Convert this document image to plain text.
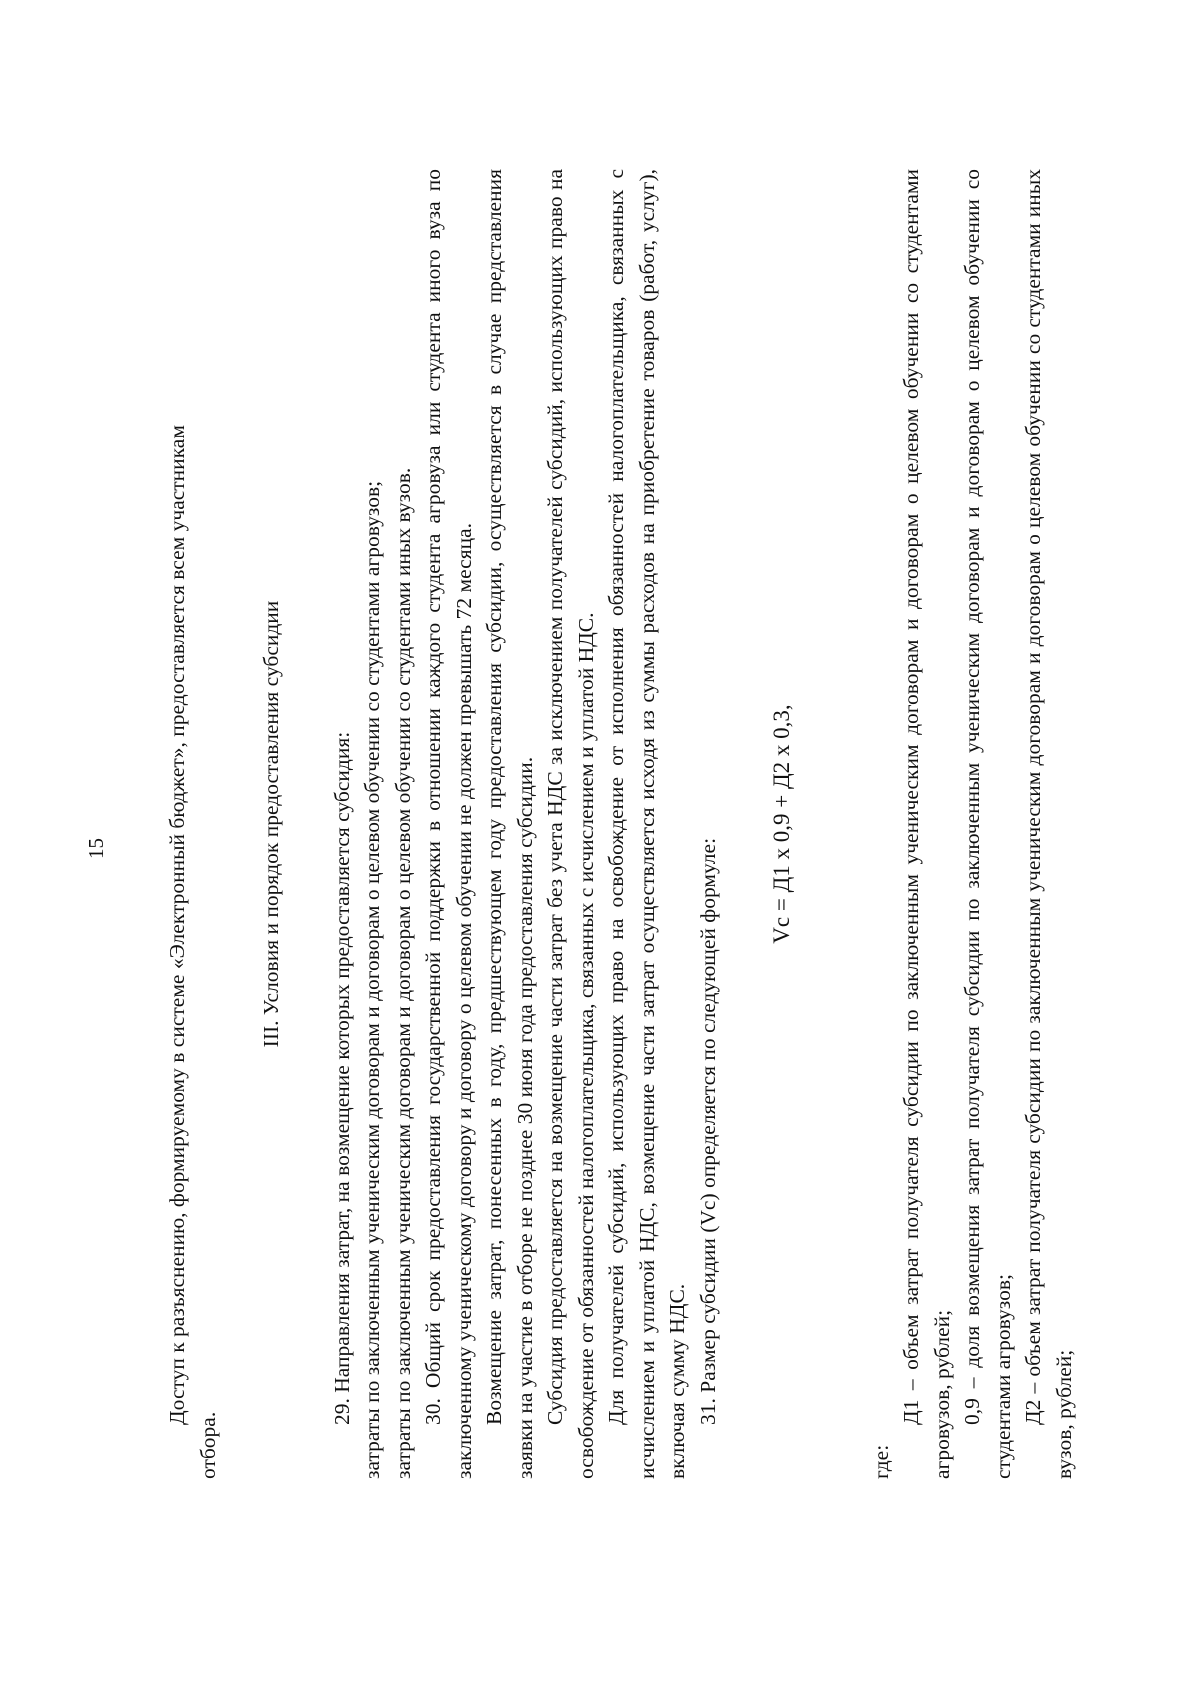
15	Доступ к разъяснению, формируемому в системе «Электронный бюджет», предоставляется всем участникам
отбора.

III. Условия и порядок предоставления субсидии 29. Направления затрат, на возмещение которых предоставляется субсидия: затраты по заключенным ученическим договорам и договорам о целевом обучении со студентами агровузов; затраты по заключенным ученическим договорам и договорам о целевом обучении со студентами иных вузов. 30. Общий срок предоставления государственной поддержки в отношении каждого студента агровуза или студента иного вуза по заключенному ученическому договору и договору о целевом обучении не должен превышать 72 месяца. Возмещение затрат, понесенных в году, предшествующем году предоставления субсидии, осуществляется в случае представления заявки на участие в отборе не позднее 30 июня года предоставления субсидии. Субсидия предоставляется на возмещение части затрат без учета НДС за исключением получателей субсидий, использующих право на освобождение от обязанностей налогоплательщика, связанных с исчислением и уплатой НДС. Для получателей субсидий, использующих право на освобождение от исполнения обязанностей налогоплательщика, связанных с исчислением и уплатой НДС, возмещение части затрат осуществляется исходя из суммы расходов на приобретение товаров (работ, услуг), включая сумму НДС. 31. Размер субсидии (Vс) определяется по следующей формуле:

Vс = Д1 х 0,9 + Д2 х 0,3,

где:

Д1 – объем затрат получателя субсидии по заключенным ученическим договорам и договорам о целевом обучении со студентами агровузов, рублей; 0,9 – доля возмещения затрат получателя субсидии по заключенным ученическим договорам и договорам о целевом обучении со студентами агровузов; Д2 – объем затрат получателя субсидии по заключенным ученическим договорам и договорам о целевом обучении со студентами иных вузов, рублей;
